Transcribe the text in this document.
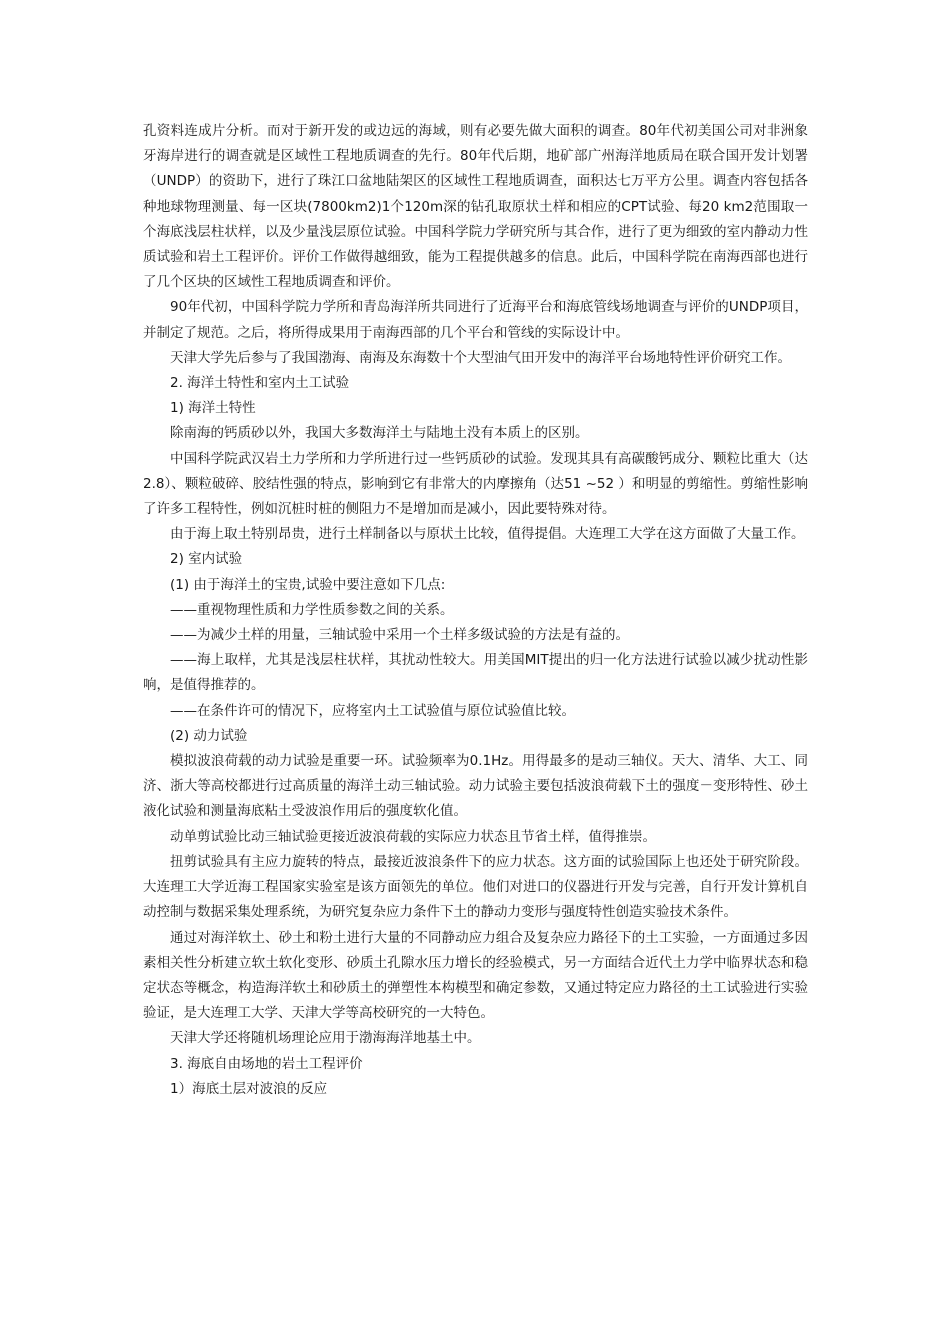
孔资料连成片分析。而对于新开发的或边远的海域，则有必要先做大面积的调查。80年代初美国公司对非洲象牙海岸进行的调查就是区域性工程地质调查的先行。80年代后期，地矿部广州海洋地质局在联合国开发计划署（UNDP）的资助下，进行了珠江口盆地陆架区的区域性工程地质调查，面积达七万平方公里。调查内容包括各种地球物理测量、每一区块(7800km2)1个120m深的钻孔取原状土样和相应的CPT试验、每20 km2范围取一个海底浅层柱状样，以及少量浅层原位试验。中国科学院力学研究所与其合作，进行了更为细致的室内静动力性质试验和岩土工程评价。评价工作做得越细致，能为工程提供越多的信息。此后，中国科学院在南海西部也进行了几个区块的区域性工程地质调查和评价。

90年代初，中国科学院力学所和青岛海洋所共同进行了近海平台和海底管线场地调查与评价的UNDP项目，并制定了规范。之后，将所得成果用于南海西部的几个平台和管线的实际设计中。

天津大学先后参与了我国渤海、南海及东海数十个大型油气田开发中的海洋平台场地特性评价研究工作。

2. 海洋土特性和室内土工试验

1) 海洋土特性

除南海的钙质砂以外，我国大多数海洋土与陆地土没有本质上的区别。

中国科学院武汉岩土力学所和力学所进行过一些钙质砂的试验。发现其具有高碳酸钙成分、颗粒比重大（达2.8）、颗粒破碎、胶结性强的特点，影响到它有非常大的内摩擦角（达51 ~52 ）和明显的剪缩性。剪缩性影响了许多工程特性，例如沉桩时桩的侧阻力不是增加而是减小，因此要特殊对待。

由于海上取土特别昂贵，进行土样制备以与原状土比较，值得提倡。大连理工大学在这方面做了大量工作。

2) 室内试验

(1) 由于海洋土的宝贵,试验中要注意如下几点:

——重视物理性质和力学性质参数之间的关系。

——为减少土样的用量，三轴试验中采用一个土样多级试验的方法是有益的。

——海上取样，尤其是浅层柱状样，其扰动性较大。用美国MIT提出的归一化方法进行试验以减少扰动性影响，是值得推荐的。

——在条件许可的情况下，应将室内土工试验值与原位试验值比较。

(2) 动力试验

模拟波浪荷载的动力试验是重要一环。试验频率为0.1Hz。用得最多的是动三轴仪。天大、清华、大工、同济、浙大等高校都进行过高质量的海洋土动三轴试验。动力试验主要包括波浪荷载下土的强度－变形特性、砂土液化试验和测量海底粘土受波浪作用后的强度软化值。

动单剪试验比动三轴试验更接近波浪荷载的实际应力状态且节省土样，值得推崇。

扭剪试验具有主应力旋转的特点，最接近波浪条件下的应力状态。这方面的试验国际上也还处于研究阶段。大连理工大学近海工程国家实验室是该方面领先的单位。他们对进口的仪器进行开发与完善，自行开发计算机自动控制与数据采集处理系统，为研究复杂应力条件下土的静动力变形与强度特性创造实验技术条件。

通过对海洋软土、砂土和粉土进行大量的不同静动应力组合及复杂应力路径下的土工实验，一方面通过多因素相关性分析建立软土软化变形、砂质土孔隙水压力增长的经验模式，另一方面结合近代土力学中临界状态和稳定状态等概念，构造海洋软土和砂质土的弹塑性本构模型和确定参数，又通过特定应力路径的土工试验进行实验验证，是大连理工大学、天津大学等高校研究的一大特色。

天津大学还将随机场理论应用于渤海海洋地基土中。

3. 海底自由场地的岩土工程评价

1）海底土层对波浪的反应
